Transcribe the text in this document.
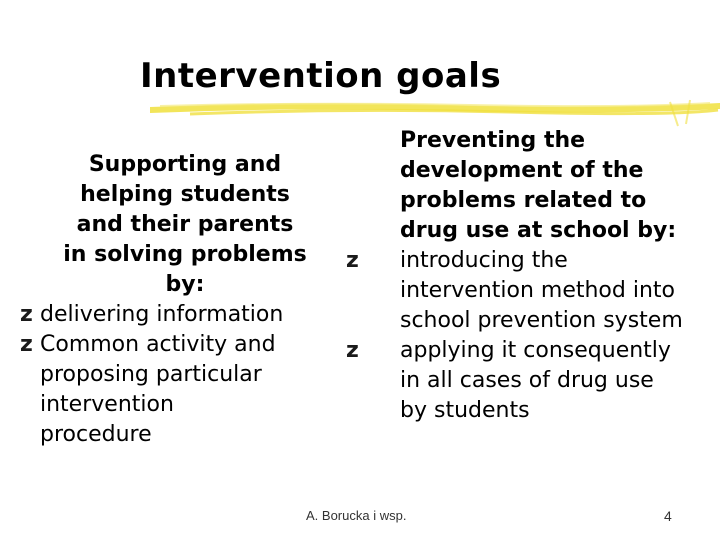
Intervention goals
Supporting and
helping students
and their parents
in solving problems
by:
z delivering information
z Common activity and
proposing particular
intervention
procedure
Preventing the
development of the
problems related to
drug use at school by:
z	introducing the
intervention method into
school prevention system
z	applying it consequently
in all cases of drug use
by students
A. Borucka i wsp.	4
